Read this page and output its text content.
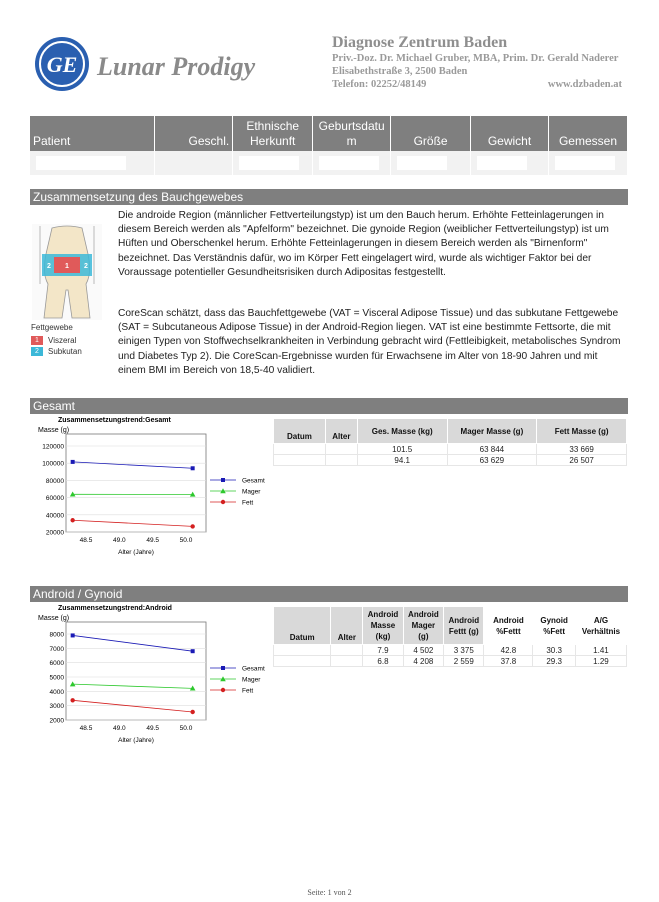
GE Lunar Prodigy
Diagnose Zentrum Baden
Priv.-Doz. Dr. Michael Gruber, MBA, Prim. Dr. Gerald Naderer
Elisabethstraße 3, 2500 Baden
Telefon: 02252/48149	www.dzbaden.at
Patient	Geschl.	Ethnische Herkunft	Geburtsdatum	Größe	Gewicht	Gemessen

Zusammensetzung des Bauchgewebes
2 1 2
Fettgewebe
1	Viszeral
2	Subkutan
Die androide Region (männlicher Fettverteilungstyp) ist um den Bauch herum. Erhöhte Fetteinlagerungen in diesem Bereich werden als "Apfelform" bezeichnet. Die gynoide Region (weiblicher Fettverteilungstyp) ist um Hüften und Oberschenkel herum. Erhöhte Fetteinlagerungen in diesem Bereich werden als "Birnenform" bezeichnet. Das Verständnis dafür, wo im Körper Fett eingelagert wird, wurde als wichtiger Faktor bei der Voraussage potentieller Gesundheitsrisiken durch Adipositas festgestellt.
CoreScan schätzt, dass das Bauchfettgewebe (VAT = Visceral Adipose Tissue) und das subkutane Fettgewebe (SAT = Subcutaneous Adipose Tissue) in der Android-Region liegen. VAT ist eine bestimmte Fettsorte, die mit einigen Typen von Stoffwechselkrankheiten in Verbindung gebracht wird (Fettleibigkeit, metabolisches Syndrom und Diabetes Typ 2). Die CoreScan-Ergebnisse wurden für Erwachsene im Alter von 18-90 Jahren und mit einem BMI im Bereich von 18,5-40 validiert.
Gesamt
Zusammensetzungstrend:Gesamt
Masse (g)
20000
40000
60000
80000
100000
120000
48.5	49.0	49.5	50.0
Alter (Jahre)
Gesamt
Mager
Fett
Datum	Alter	Ges. Masse (kg)	Mager Masse (g)	Fett Masse (g)
		101.5	63 844	33 669
		94.1	63 629	26 507
Android / Gynoid
Zusammensetzungstrend:Android
Masse (g)
2000
3000
4000
5000
6000
7000
8000
48.5	49.0	49.5	50.0
Alter (Jahre)
Gesamt
Mager
Fett
Datum	Alter	Android Masse (kg)	Android Mager (g)	Android Fettt (g)	Android %Fettt	Gynoid %Fett	A/G Verhältnis
		7.9	4 502	3 375	42.8	30.3	1.41
		6.8	4 208	2 559	37.8	29.3	1.29
Seite: 1 von 2
